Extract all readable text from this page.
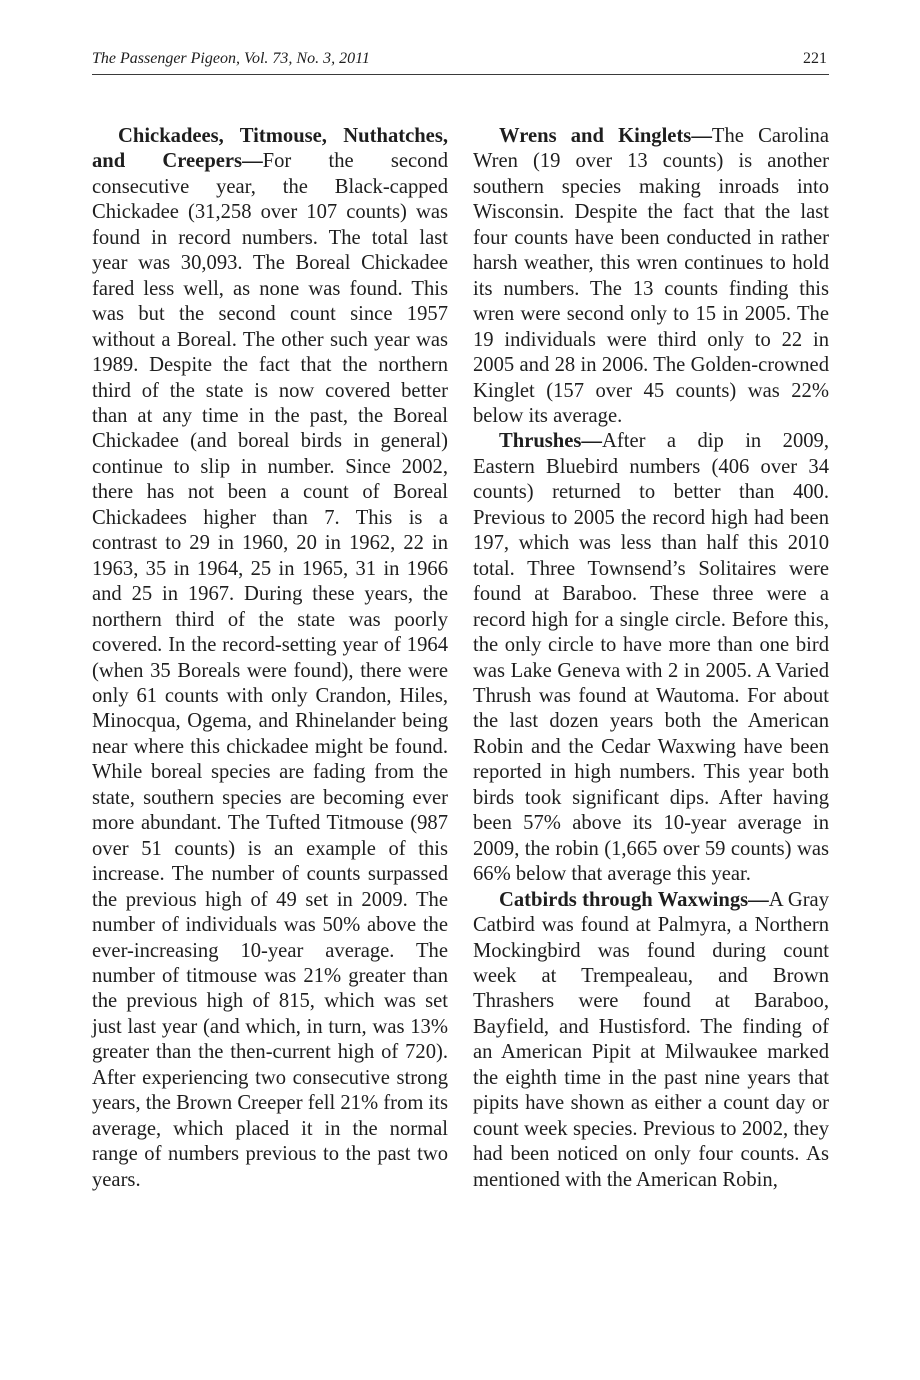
The Passenger Pigeon, Vol. 73, No. 3, 2011	221

Chickadees, Titmouse, Nuthatches, and Creepers—For the second consecutive year, the Black-capped Chickadee (31,258 over 107 counts) was found in record numbers. The total last year was 30,093. The Boreal Chickadee fared less well, as none was found. This was but the second count since 1957 without a Boreal. The other such year was 1989. Despite the fact that the northern third of the state is now covered better than at any time in the past, the Boreal Chickadee (and boreal birds in general) continue to slip in number. Since 2002, there has not been a count of Boreal Chickadees higher than 7. This is a contrast to 29 in 1960, 20 in 1962, 22 in 1963, 35 in 1964, 25 in 1965, 31 in 1966 and 25 in 1967. During these years, the northern third of the state was poorly covered. In the record-setting year of 1964 (when 35 Boreals were found), there were only 61 counts with only Crandon, Hiles, Minocqua, Ogema, and Rhinelander being near where this chickadee might be found. While boreal species are fading from the state, southern species are becoming ever more abundant. The Tufted Titmouse (987 over 51 counts) is an example of this increase. The number of counts surpassed the previous high of 49 set in 2009. The number of individuals was 50% above the ever-increasing 10-year average. The number of titmouse was 21% greater than the previous high of 815, which was set just last year (and which, in turn, was 13% greater than the then-current high of 720). After experiencing two consecutive strong years, the Brown Creeper fell 21% from its average, which placed it in the normal range of numbers previous to the past two years.

Wrens and Kinglets—The Carolina Wren (19 over 13 counts) is another southern species making inroads into Wisconsin. Despite the fact that the last four counts have been conducted in rather harsh weather, this wren continues to hold its numbers. The 13 counts finding this wren were second only to 15 in 2005. The 19 individuals were third only to 22 in 2005 and 28 in 2006. The Golden-crowned Kinglet (157 over 45 counts) was 22% below its average.

Thrushes—After a dip in 2009, Eastern Bluebird numbers (406 over 34 counts) returned to better than 400. Previous to 2005 the record high had been 197, which was less than half this 2010 total. Three Townsend’s Solitaires were found at Baraboo. These three were a record high for a single circle. Before this, the only circle to have more than one bird was Lake Geneva with 2 in 2005. A Varied Thrush was found at Wautoma. For about the last dozen years both the American Robin and the Cedar Waxwing have been reported in high numbers. This year both birds took significant dips. After having been 57% above its 10-year average in 2009, the robin (1,665 over 59 counts) was 66% below that average this year.

Catbirds through Waxwings—A Gray Catbird was found at Palmyra, a Northern Mockingbird was found during count week at Trempealeau, and Brown Thrashers were found at Baraboo, Bayfield, and Hustisford. The finding of an American Pipit at Milwaukee marked the eighth time in the past nine years that pipits have shown as either a count day or count week species. Previous to 2002, they had been noticed on only four counts. As mentioned with the American Robin,
